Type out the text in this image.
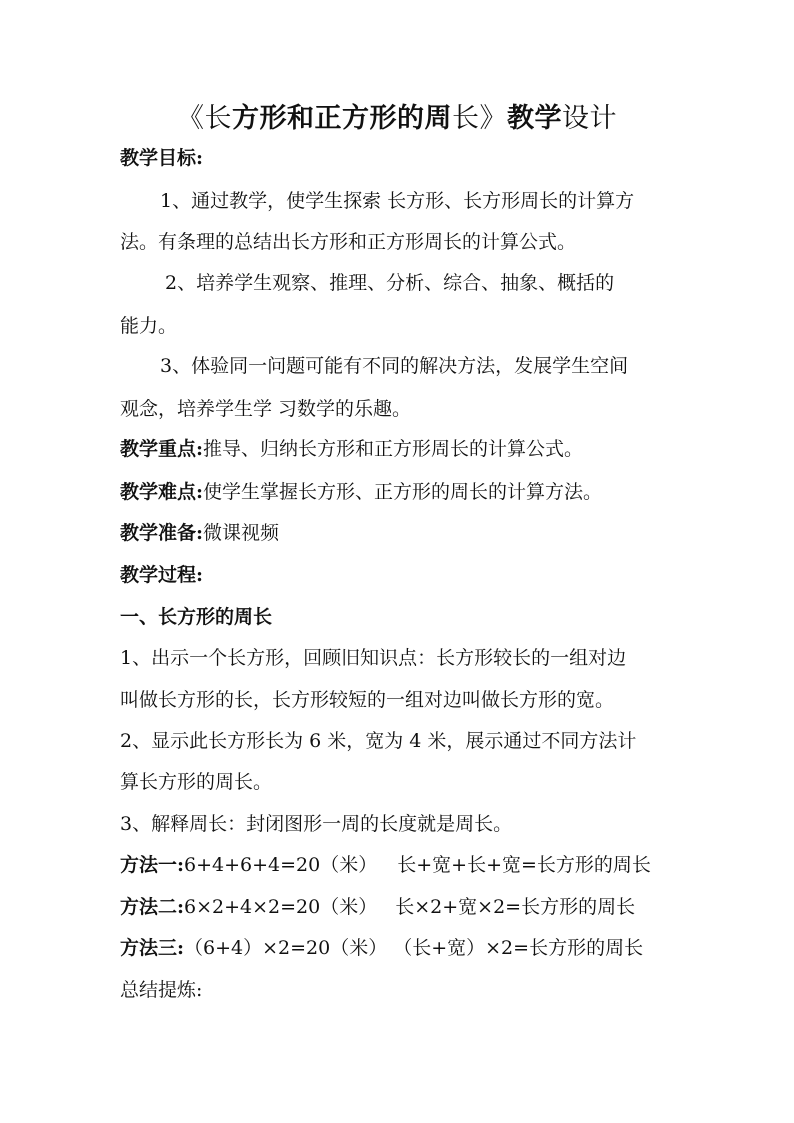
《长方形和正方形的周长》教学设计
教学目标:
1、通过教学，使学生探索 长方形、长方形周长的计算方
法。有条理的总结出长方形和正方形周长的计算公式。
2、培养学生观察、推理、分析、综合、抽象、概括的
能力。
3、体验同一问题可能有不同的解决方法，发展学生空间
观念，培养学生学 习数学的乐趣。
教学重点:推导、归纳长方形和正方形周长的计算公式。
教学难点:使学生掌握长方形、正方形的周长的计算方法。
教学准备:微课视频
教学过程:
一、长方形的周长
1、出示一个长方形，回顾旧知识点：长方形较长的一组对边
叫做长方形的长，长方形较短的一组对边叫做长方形的宽。
2、显示此长方形长为 6 米，宽为 4 米，展示通过不同方法计
算长方形的周长。
3、解释周长：封闭图形一周的长度就是周长。
方法一:6+4+6+4=20（米） 长+宽+长+宽=长方形的周长
方法二:6×2+4×2=20（米） 长×2+宽×2=长方形的周长
方法三:（6+4）×2=20（米） （长+宽）×2=长方形的周长
总结提炼:
